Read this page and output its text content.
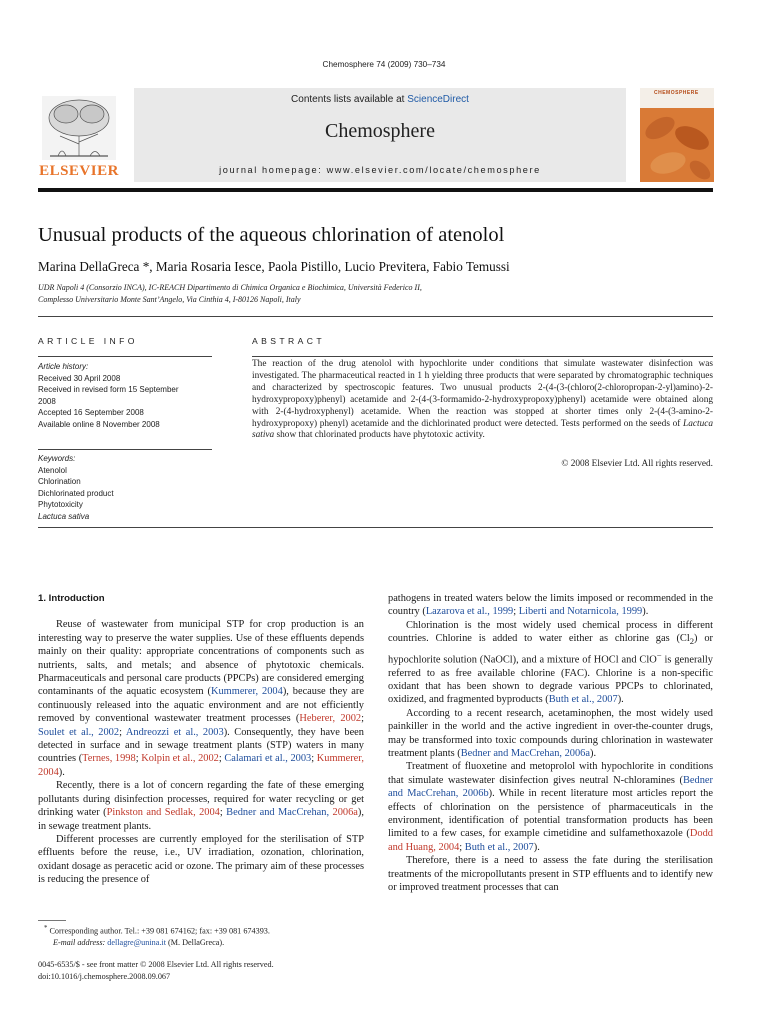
Chemosphere 74 (2009) 730–734
ELSEVIER
Contents lists available at ScienceDirect
Chemosphere
journal homepage: www.elsevier.com/locate/chemosphere
CHEMOSPHERE
Unusual products of the aqueous chlorination of atenolol
Marina DellaGreca *, Maria Rosaria Iesce, Paola Pistillo, Lucio Previtera, Fabio Temussi
UDR Napoli 4 (Consorzio INCA), IC-REACH Dipartimento di Chimica Organica e Biochimica, Università Federico II,
Complesso Universitario Monte Sant’Angelo, Via Cinthia 4, I-80126 Napoli, Italy
ARTICLE INFO
Article history:
Received 30 April 2008
Received in revised form 15 September
2008
Accepted 16 September 2008
Available online 8 November 2008
Keywords:
Atenolol
Chlorination
Dichlorinated product
Phytotoxicity
Lactuca sativa
ABSTRACT
The reaction of the drug atenolol with hypochlorite under conditions that simulate wastewater disinfection was investigated. The pharmaceutical reacted in 1 h yielding three products that were separated by chromatographic techniques and characterized by spectroscopic features. Two unusual products 2-(4-(3-(chloro(2-chloropropan-2-yl)amino)-2-hydroxypropoxy)phenyl) acetamide and 2-(4-(3-formamido-2-hydroxypropoxy)phenyl) acetamide were obtained along with 2-(4-hydroxyphenyl) acetamide. When the reaction was stopped at shorter times only 2-(4-(3-amino-2-hydroxypropoxy) phenyl) acetamide and the dichlorinated product were detected. Tests performed on the seeds of Lactuca sativa show that chlorinated products have phytotoxic activity.
© 2008 Elsevier Ltd. All rights reserved.
1. Introduction

Reuse of wastewater from municipal STP for crop production is an interesting way to preserve the water supplies. Use of these effluents depends mainly on their quality: appropriate concentrations of components such as nutrients, salts, and metals; and absence of phytotoxic chemicals. Pharmaceuticals and personal care products (PPCPs) are considered emerging contaminants of the aquatic ecosystem (Kummerer, 2004), because they are continuously released into the aquatic environment and are not efficiently removed by conventional wastewater treatment processes (Heberer, 2002; Soulet et al., 2002; Andreozzi et al., 2003). Consequently, they have been detected in surface and in sewage treatment plants (STP) waters in many countries (Ternes, 1998; Kolpin et al., 2002; Calamari et al., 2003; Kummerer, 2004).

Recently, there is a lot of concern regarding the fate of these emerging pollutants during disinfection processes, required for water recycling or get drinking water (Pinkston and Sedlak, 2004; Bedner and MacCrehan, 2006a), in sewage treatment plants.

Different processes are currently employed for the sterilisation of STP effluents before the reuse, i.e., UV irradiation, ozonation, chlorination, oxidant dosage as peracetic acid or ozone. The primary aim of these processes is reducing the presence of

* Corresponding author. Tel.: +39 081 674162; fax: +39 081 674393.
E-mail address: dellagre@unina.it (M. DellaGreca).
0045-6535/$ - see front matter © 2008 Elsevier Ltd. All rights reserved.
doi:10.1016/j.chemosphere.2008.09.067

pathogens in treated waters below the limits imposed or recommended in the country (Lazarova et al., 1999; Liberti and Notarnicola, 1999).

Chlorination is the most widely used chemical process in different countries. Chlorine is added to water either as chlorine gas $(Cl_2)$ or hypochlorite solution (NaOCl), and a mixture of HOCl and ClO− is generally referred to as free available chlorine (FAC). Chlorine is a non-specific oxidant that has been shown to degrade various PPCPs to chlorinated, oxidized, and fragmented byproducts (Buth et al., 2007).

According to a recent research, acetaminophen, the most widely used painkiller in the world and the active ingredient in over-the-counter drugs, may be transformed into toxic compounds during chlorination in wastewater treatment plants (Bedner and MacCrehan, 2006a).

Treatment of fluoxetine and metoprolol with hypochlorite in conditions that simulate wastewater disinfection gives neutral N-chloramines (Bedner and MacCrehan, 2006b). While in recent literature most articles report the effects of chlorination on the persistence of pharmaceuticals in the environment, identification of potential transformation products has been limited to a few cases, for example cimetidine and sulfamethoxazole (Dodd and Huang, 2004; Buth et al., 2007).

Therefore, there is a need to assess the fate during the sterilisation treatments of the micropollutants present in STP effluents and to identify new or improved treatment processes that can
